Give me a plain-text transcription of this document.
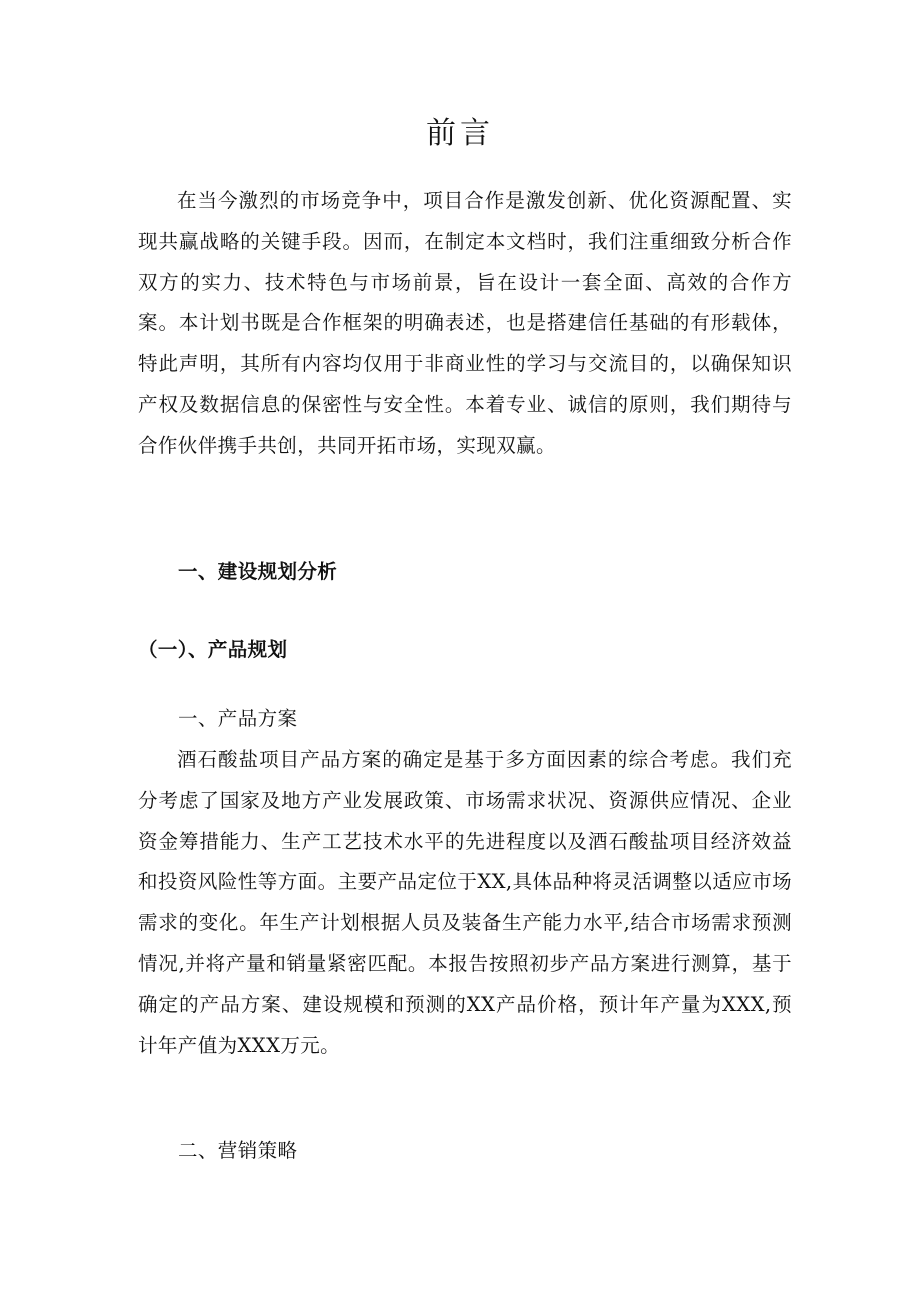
前言

在当今激烈的市场竞争中，项目合作是激发创新、优化资源配置、实现共赢战略的关键手段。因而，在制定本文档时，我们注重细致分析合作双方的实力、技术特色与市场前景，旨在设计一套全面、高效的合作方案。本计划书既是合作框架的明确表述，也是搭建信任基础的有形载体，特此声明，其所有内容均仅用于非商业性的学习与交流目的，以确保知识产权及数据信息的保密性与安全性。本着专业、诚信的原则，我们期待与合作伙伴携手共创，共同开拓市场，实现双赢。

一、建设规划分析
（一）、产品规划
一、产品方案

酒石酸盐项目产品方案的确定是基于多方面因素的综合考虑。我们充分考虑了国家及地方产业发展政策、市场需求状况、资源供应情况、企业资金筹措能力、生产工艺技术水平的先进程度以及酒石酸盐项目经济效益和投资风险性等方面。主要产品定位于XX,具体品种将灵活调整以适应市场需求的变化。年生产计划根据人员及装备生产能力水平,结合市场需求预测情况,并将产量和销量紧密匹配。本报告按照初步产品方案进行测算，基于确定的产品方案、建设规模和预测的XX产品价格，预计年产量为XXX,预计年产值为XXX万元。

二、营销策略
